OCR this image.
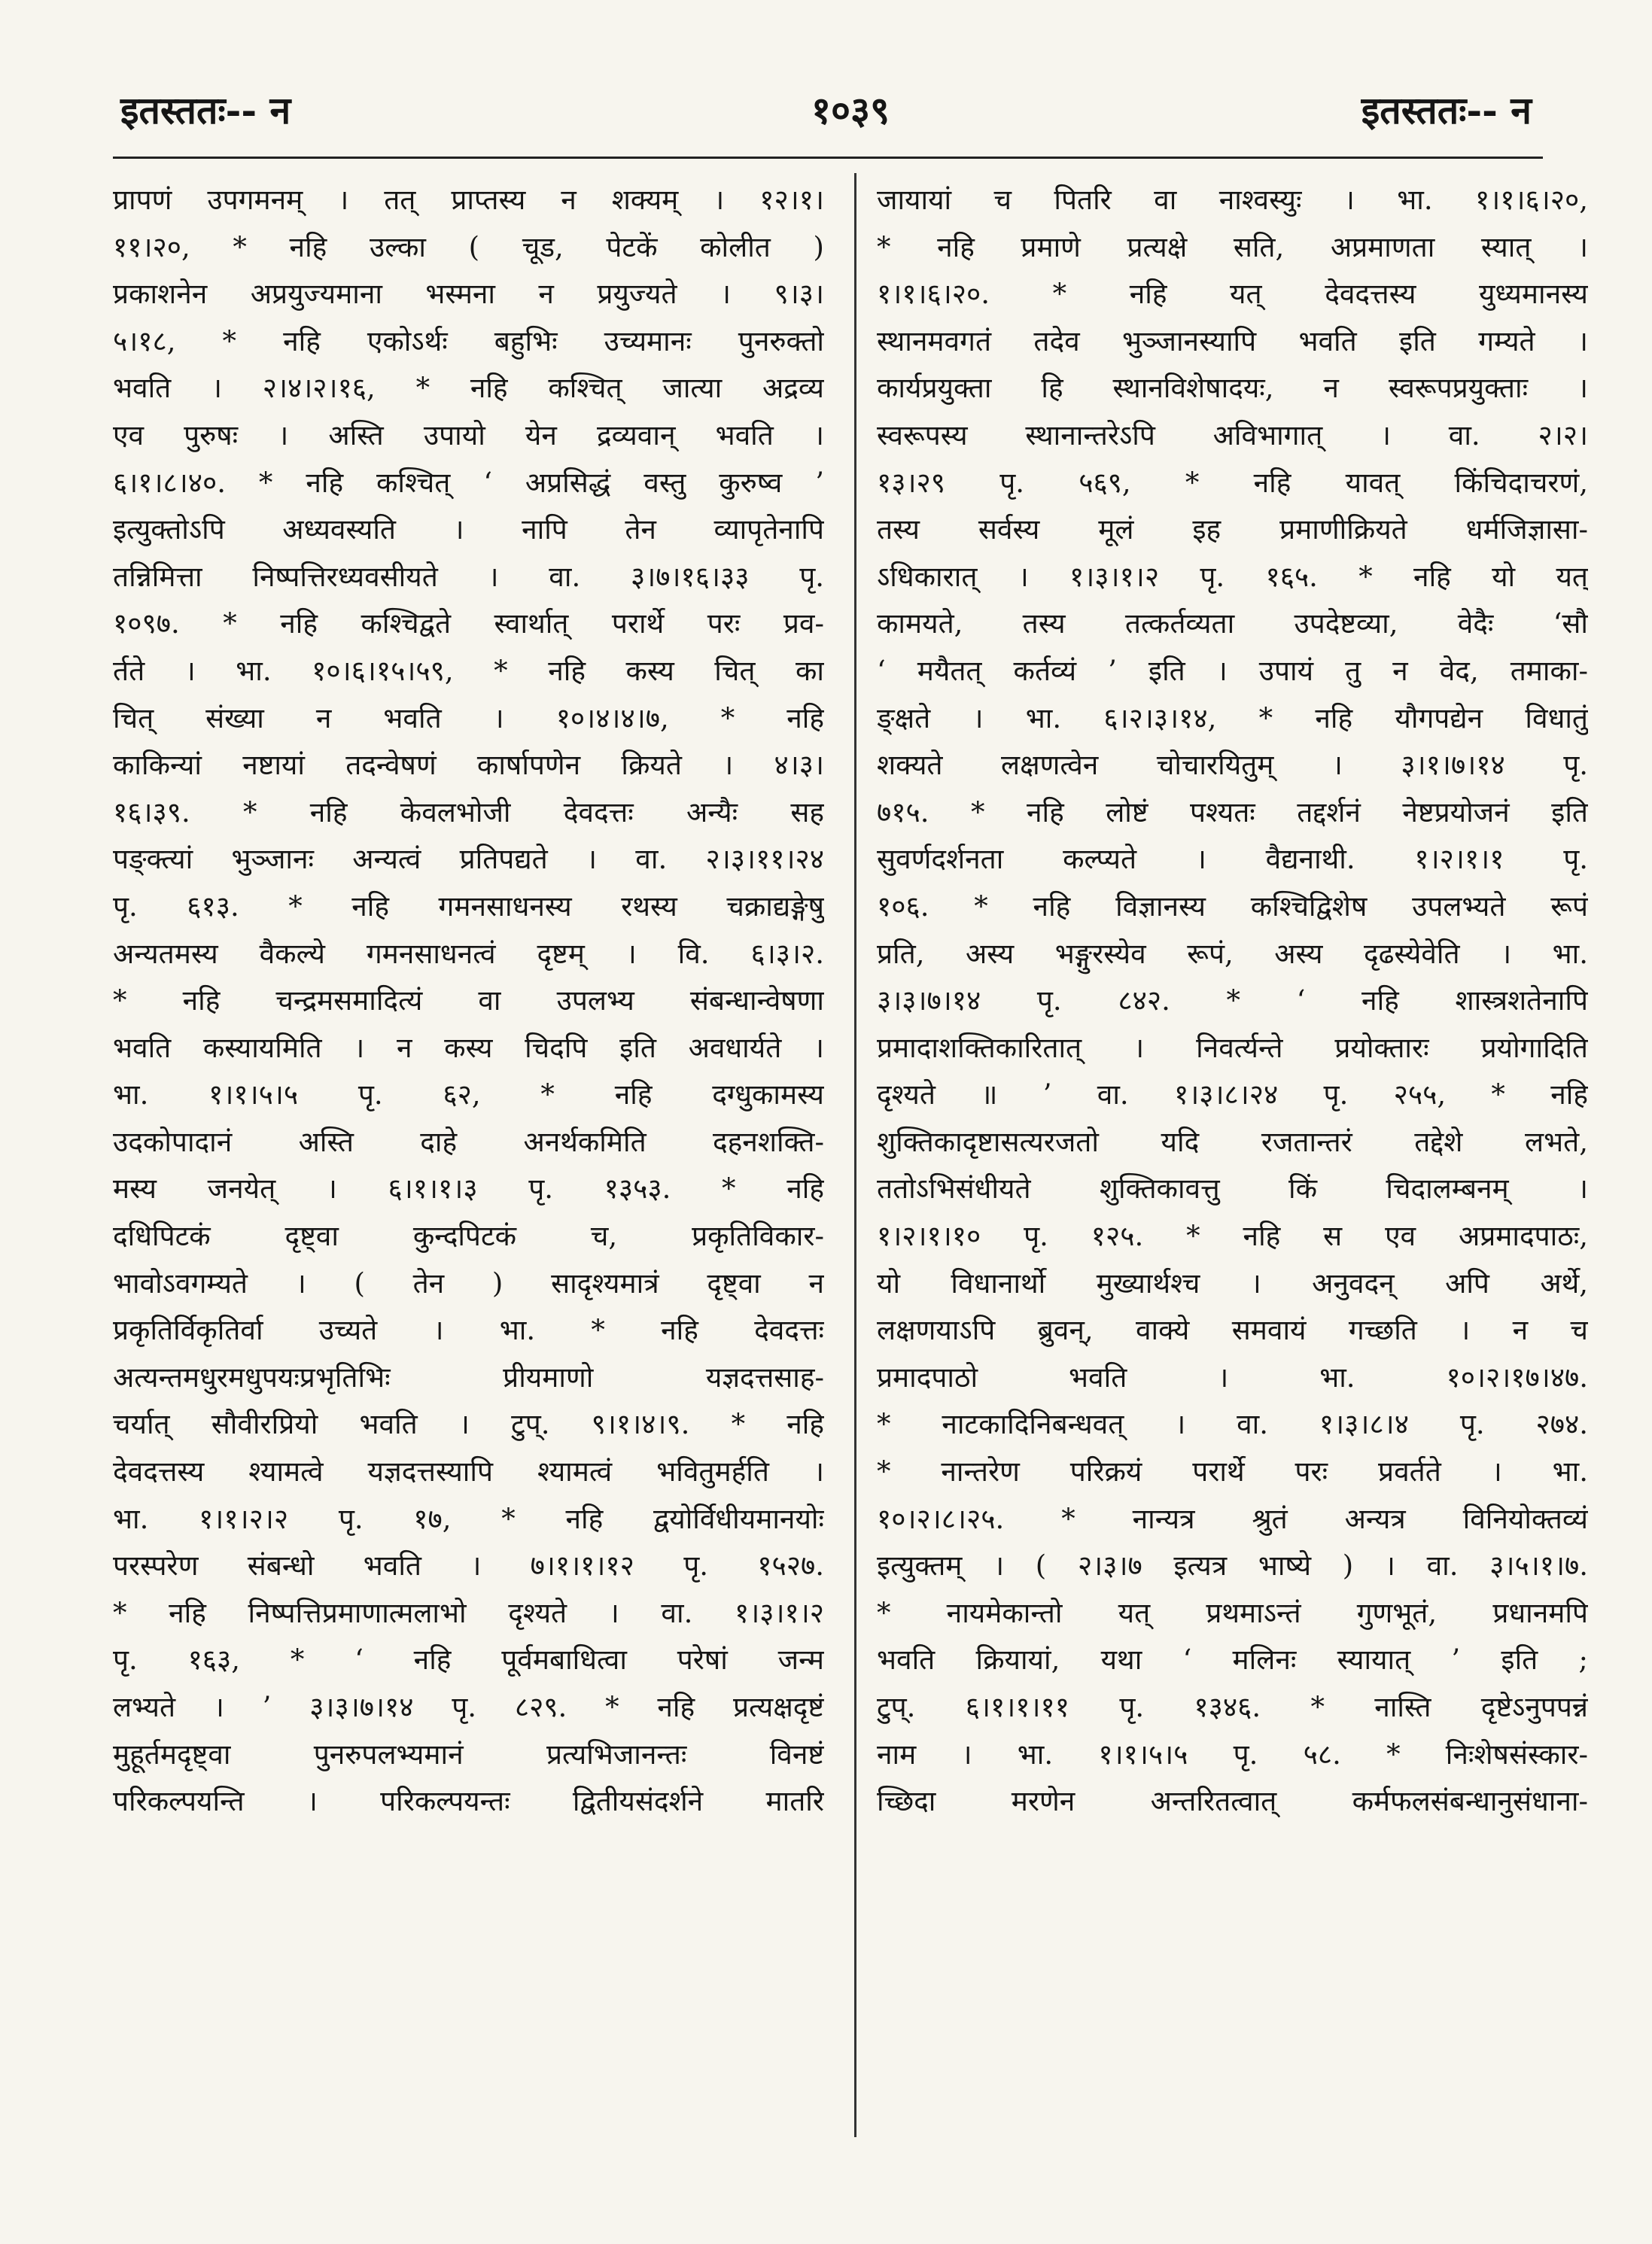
इतस्ततः-- न	१०३९	इतस्ततः-- न
प्रापणं उपगमनम् । तत् प्राप्तस्य न शक्यम् । १२।१।
११।२०, * नहि उल्का ( चूड, पेटकें कोलीत )
प्रकाशनेन अप्रयुज्यमाना भस्मना न प्रयुज्यते । ९।३।
५।१८, * नहि एकोऽर्थः बहुभिः उच्यमानः पुनरुक्तो
भवति । २।४।२।१६, * नहि कश्चित् जात्या अद्रव्य
एव पुरुषः । अस्ति उपायो येन द्रव्यवान् भवति ।
६।१।८।४०. * नहि कश्चित् ‘ अप्रसिद्धं वस्तु कुरुष्व ’
इत्युक्तोऽपि अध्यवस्यति । नापि तेन व्यापृतेनापि
तन्निमित्ता निष्पत्तिरध्यवसीयते । वा. ३।७।१६।३३ पृ.
१०९७. * नहि कश्चिद्वते स्वार्थात् परार्थे परः प्रव-
र्तते । भा. १०।६।१५।५९, * नहि कस्य चित् का
चित् संख्या न भवति । १०।४।४।७, * नहि
काकिन्यां नष्टायां तदन्वेषणं कार्षापणेन क्रियते । ४।३।
१६।३९. * नहि केवलभोजी देवदत्तः अन्यैः सह
पङ्क्त्यां भुञ्जानः अन्यत्वं प्रतिपद्यते । वा. २।३।११।२४
पृ. ६१३. * नहि गमनसाधनस्य रथस्य चक्राद्यङ्गेषु
अन्यतमस्य वैकल्ये गमनसाधनत्वं दृष्टम् । वि. ६।३।२.
* नहि चन्द्रमसमादित्यं वा उपलभ्य संबन्धान्वेषणा
भवति कस्यायमिति । न कस्य चिदपि इति अवधार्यते ।
भा. १।१।५।५ पृ. ६२, * नहि दग्धुकामस्य
उदकोपादानं अस्ति दाहे अनर्थकमिति दहनशक्ति-
मस्य जनयेत् । ६।१।१।३ पृ. १३५३. * नहि
दधिपिटकं दृष्ट्वा कुन्दपिटकं च, प्रकृतिविकार-
भावोऽवगम्यते । ( तेन ) सादृश्यमात्रं दृष्ट्वा न
प्रकृतिर्विकृतिर्वा उच्यते । भा. * नहि देवदत्तः
अत्यन्तमधुरमधुपयःप्रभृतिभिः प्रीयमाणो यज्ञदत्तसाह-
चर्यात् सौवीरप्रियो भवति । टुप्. ९।१।४।९. * नहि
देवदत्तस्य श्यामत्वे यज्ञदत्तस्यापि श्यामत्वं भवितुमर्हति ।
भा. १।१।२।२ पृ. १७, * नहि द्वयोर्विधीयमानयोः
परस्परेण संबन्धो भवति । ७।१।१।१२ पृ. १५२७.
* नहि निष्पत्तिप्रमाणात्मलाभो दृश्यते । वा. १।३।१।२
पृ. १६३, * ‘ नहि पूर्वमबाधित्वा परेषां जन्म
लभ्यते । ’ ३।३।७।१४ पृ. ८२९. * नहि प्रत्यक्षदृष्टं
मुहूर्तमदृष्ट्वा पुनरुपलभ्यमानं प्रत्यभिजानन्तः विनष्टं
परिकल्पयन्ति । परिकल्पयन्तः द्वितीयसंदर्शने मातरि
जायायां च पितरि वा नाश्वस्युः । भा. १।१।६।२०,
* नहि प्रमाणे प्रत्यक्षे सति, अप्रमाणता स्यात् ।
१।१।६।२०. * नहि यत् देवदत्तस्य युध्यमानस्य
स्थानमवगतं तदेव भुञ्जानस्यापि भवति इति गम्यते ।
कार्यप्रयुक्ता हि स्थानविशेषादयः, न स्वरूपप्रयुक्ताः ।
स्वरूपस्य स्थानान्तरेऽपि अविभागात् । वा. २।२।
१३।२९ पृ. ५६९, * नहि यावत् किंचिदाचरणं,
तस्य सर्वस्य मूलं इह प्रमाणीक्रियते धर्मजिज्ञासा-
ऽधिकारात् । १।३।१।२ पृ. १६५. * नहि यो यत्
कामयते, तस्य तत्कर्तव्यता उपदेष्टव्या, वेदैः ‘सौ
‘ मयैतत् कर्तव्यं ’ इति । उपायं तु न वेद, तमाका-
ङ्क्षते । भा. ६।२।३।१४, * नहि यौगपद्येन विधातुं
शक्यते लक्षणत्वेन चोचारयितुम् । ३।१।७।१४ पृ.
७१५. * नहि लोष्टं पश्यतः तद्दर्शनं नेष्टप्रयोजनं इति
सुवर्णदर्शनता कल्प्यते । वैद्यनाथी. १।२।१।१ पृ.
१०६. * नहि विज्ञानस्य कश्चिद्विशेष उपलभ्यते रूपं
प्रति, अस्य भङ्गुरस्येव रूपं, अस्य दृढस्येवेति । भा.
३।३।७।१४ पृ. ८४२. * ‘ नहि शास्त्रशतेनापि
प्रमादाशक्तिकारितात् । निवर्त्यन्ते प्रयोक्तारः प्रयोगादिति
दृश्यते ॥ ’ वा. १।३।८।२४ पृ. २५५, * नहि
शुक्तिकादृष्टासत्यरजतो यदि रजतान्तरं तद्देशे लभते,
ततोऽभिसंधीयते शुक्तिकावत्तु किं चिदालम्बनम् ।
१।२।१।१० पृ. १२५. * नहि स एव अप्रमादपाठः,
यो विधानार्थो मुख्यार्थश्च । अनुवदन् अपि अर्थे,
लक्षणयाऽपि ब्रुवन्, वाक्ये समवायं गच्छति । न च
प्रमादपाठो भवति । भा. १०।२।१७।४७.
* नाटकादिनिबन्धवत् । वा. १।३।८।४ पृ. २७४.
* नान्तरेण परिक्रयं परार्थे परः प्रवर्तते । भा.
१०।२।८।२५. * नान्यत्र श्रुतं अन्यत्र विनियोक्तव्यं
इत्युक्तम् । ( २।३।७ इत्यत्र भाष्ये ) । वा. ३।५।१।७.
* नायमेकान्तो यत् प्रथमाऽन्तं गुणभूतं, प्रधानमपि
भवति क्रियायां, यथा ‘ मलिनः स्यायात् ’ इति ;
टुप्. ६।१।१।११ पृ. १३४६. * नास्ति दृष्टेऽनुपपन्नं
नाम । भा. १।१।५।५ पृ. ५८. * निःशेषसंस्कार-
च्छिदा मरणेन अन्तरितत्वात् कर्मफलसंबन्धानुसंधाना-
